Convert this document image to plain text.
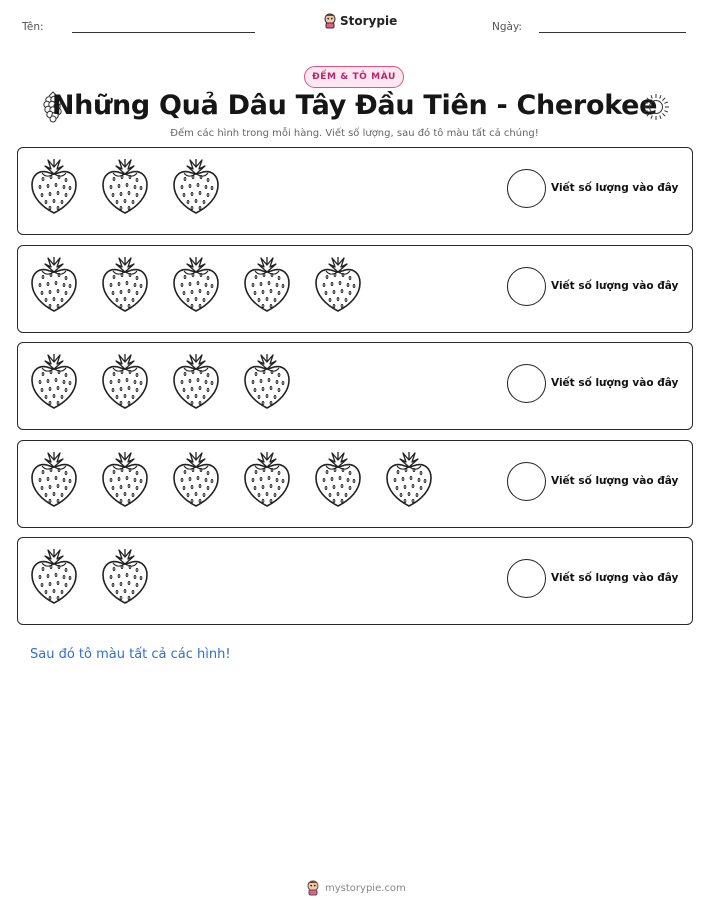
Tên:	Storypie	Ngày:
ĐẾM & TÔ MÀU
Những Quả Dâu Tây Đầu Tiên - Cherokee
Đếm các hình trong mỗi hàng. Viết số lượng, sau đó tô màu tất cả chúng!
Viết số lượng vào đây
Viết số lượng vào đây
Viết số lượng vào đây
Viết số lượng vào đây
Viết số lượng vào đây
Sau đó tô màu tất cả các hình!
mystorypie.com
